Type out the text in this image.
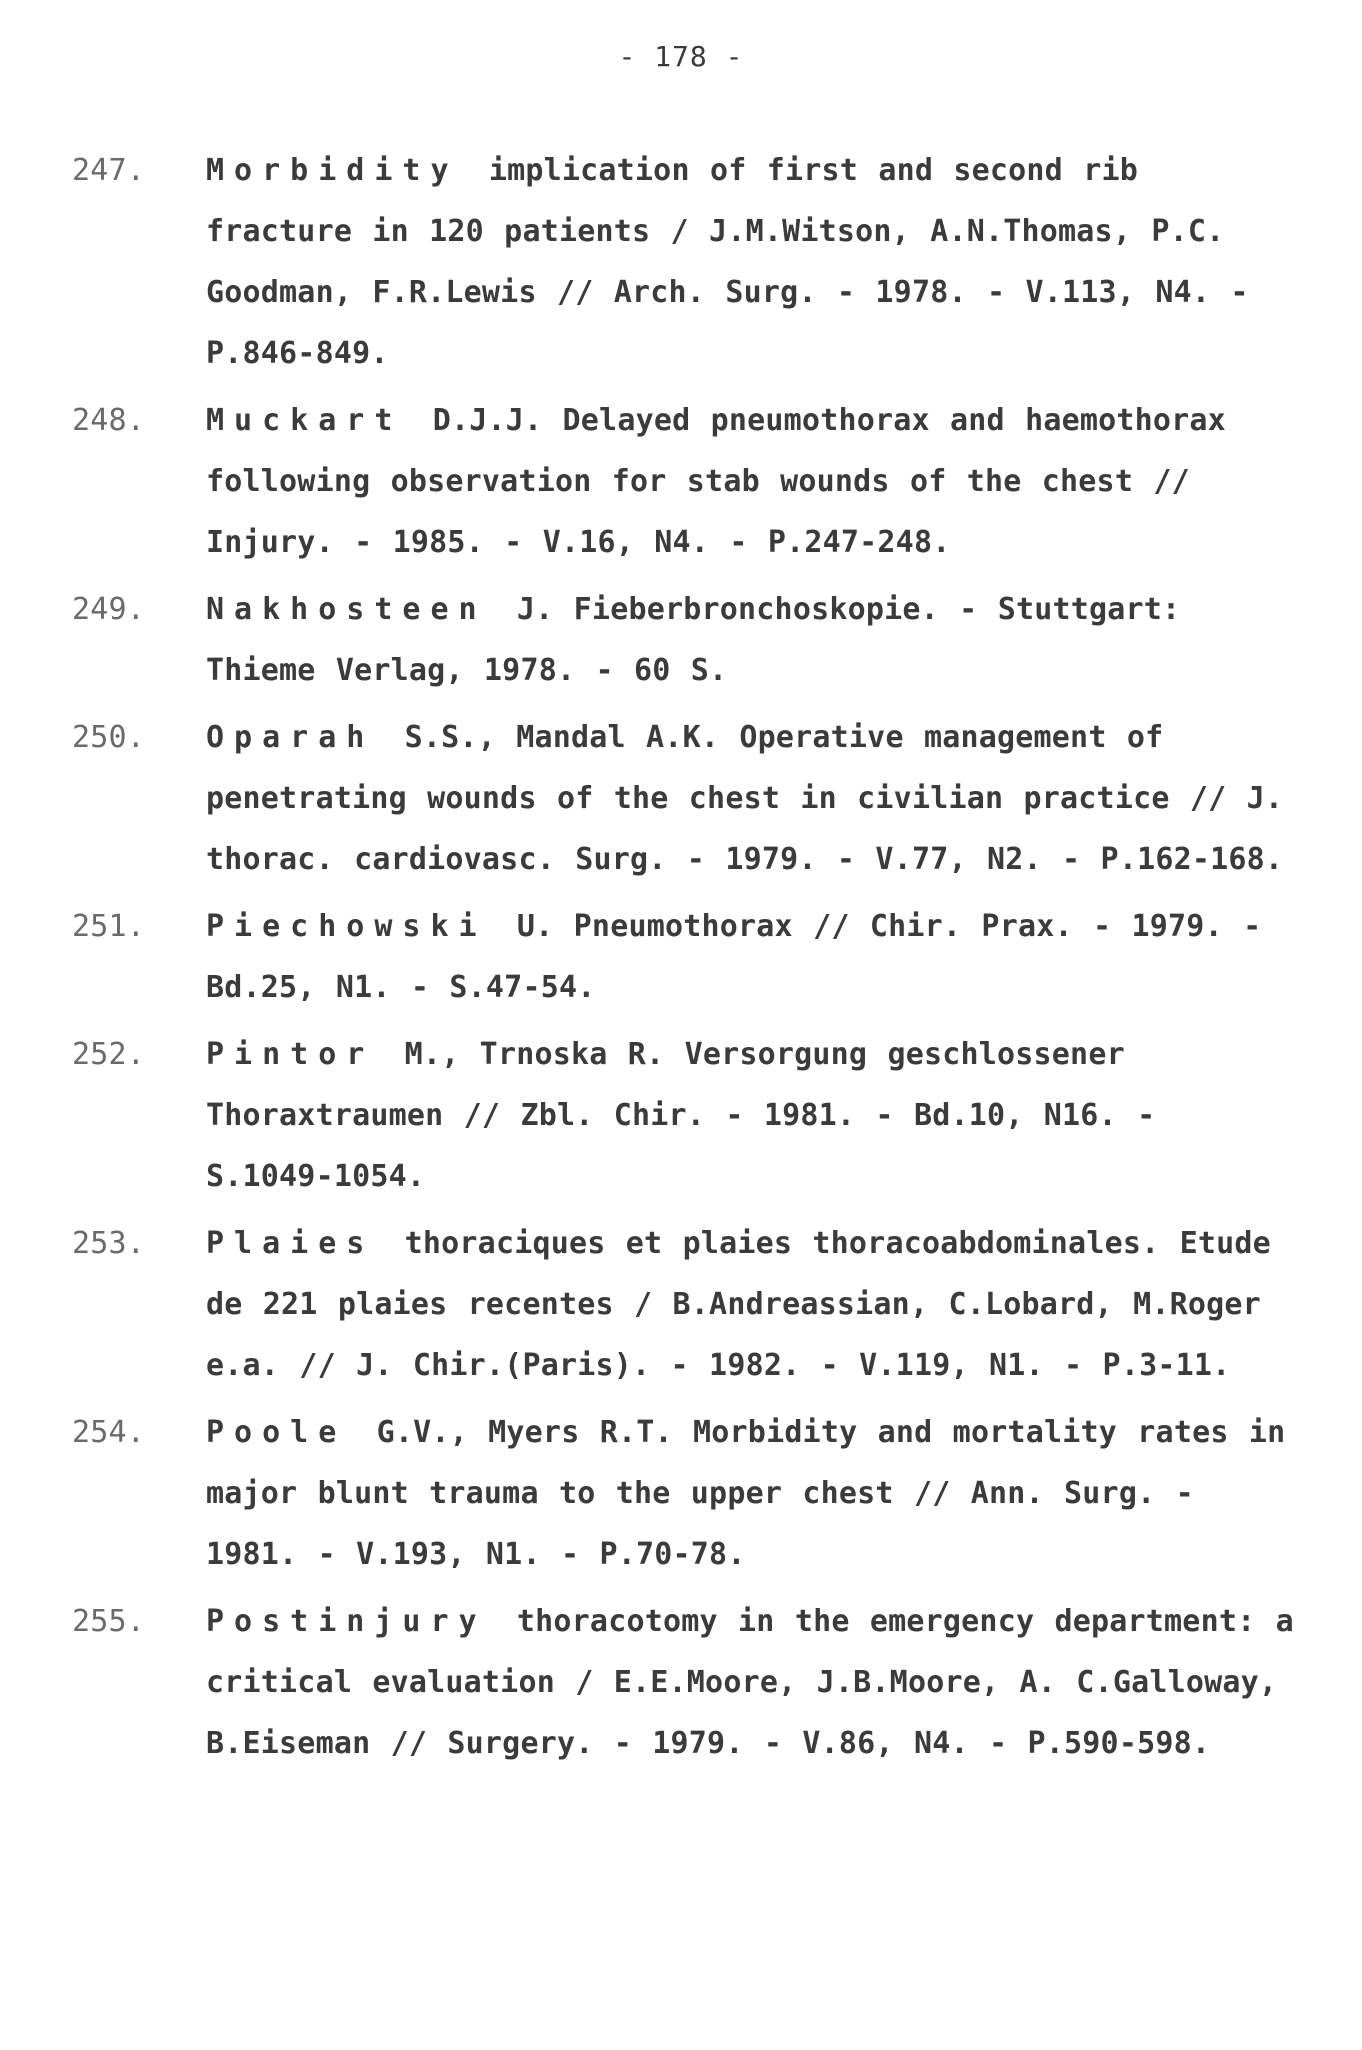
- 178 -
247.	Morbidity implication of first and second rib fracture in 120 patients / J.M.Witson, A.N.Thomas, P.C. Goodman, F.R.Lewis // Arch. Surg. - 1978. - V.113, N4. - P.846-849.
248.	Muckart D.J.J. Delayed pneumothorax and haemothorax following observation for stab wounds of the chest // Injury. - 1985. - V.16, N4. - P.247-248.
249.	Nakhosteen J. Fieberbronchoskopie. - Stuttgart: Thieme Verlag, 1978. - 60 S.
250.	Oparah S.S., Mandal A.K. Operative management of penetrating wounds of the chest in civilian practice // J. thorac. cardiovasc. Surg. - 1979. - V.77, N2. - P.162-168.
251.	Piechowski U. Pneumothorax // Chir. Prax. - 1979. - Bd.25, N1. - S.47-54.
252.	Pintor M., Trnoska R. Versorgung geschlossener Thoraxtraumen // Zbl. Chir. - 1981. - Bd.10, N16. - S.1049-1054.
253.	Plaies thoraciques et plaies thoracoabdominales. Etude de 221 plaies recentes / B.Andreassian, C.Lobard, M.Roger e.a. // J. Chir.(Paris). - 1982. - V.119, N1. - P.3-11.
254.	Poole G.V., Myers R.T. Morbidity and mortality rates in major blunt trauma to the upper chest // Ann. Surg. - 1981. - V.193, N1. - P.70-78.
255.	Postinjury thoracotomy in the emergency department: a critical evaluation / E.E.Moore, J.B.Moore, A. C.Galloway, B.Eiseman // Surgery. - 1979. - V.86, N4. - P.590-598.
